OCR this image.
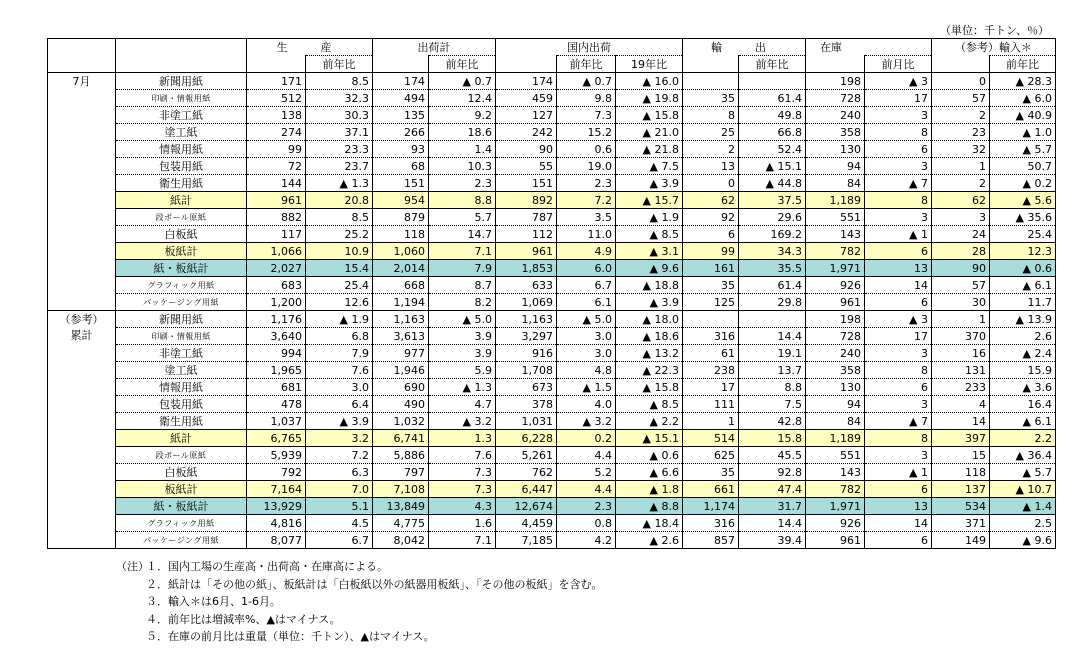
（単位：千トン、％）
		生　産		出荷計		国内出荷			輸　出		在庫		（参考）輸入＊	
			前年比		前年比		前年比	19年比		前年比		前月比		前年比

7月	新聞用紙	171	8.5	174	▲ 0.7	174	▲ 0.7	▲ 16.0			198	▲ 3	0	▲ 28.3
	印刷・情報用紙	512	32.3	494	12.4	459	9.8	▲ 19.8	35	61.4	728	17	57	▲ 6.0
	非塗工紙	138	30.3	135	9.2	127	7.3	▲ 15.8	8	49.8	240	3	2	▲ 40.9
	塗工紙	274	37.1	266	18.6	242	15.2	▲ 21.0	25	66.8	358	8	23	▲ 1.0
	情報用紙	99	23.3	93	1.4	90	0.6	▲ 21.8	2	52.4	130	6	32	▲ 5.7
	包装用紙	72	23.7	68	10.3	55	19.0	▲ 7.5	13	▲ 15.1	94	3	1	50.7
	衛生用紙	144	▲ 1.3	151	2.3	151	2.3	▲ 3.9	0	▲ 44.8	84	▲ 7	2	▲ 0.2
	紙計	961	20.8	954	8.8	892	7.2	▲ 15.7	62	37.5	1,189	8	62	▲ 5.6
	段ボール原紙	882	8.5	879	5.7	787	3.5	▲ 1.9	92	29.6	551	3	3	▲ 35.6
	白板紙	117	25.2	118	14.7	112	11.0	▲ 8.5	6	169.2	143	▲ 1	24	25.4
	板紙計	1,066	10.9	1,060	7.1	961	4.9	▲ 3.1	99	34.3	782	6	28	12.3
	紙・板紙計	2,027	15.4	2,014	7.9	1,853	6.0	▲ 9.6	161	35.5	1,971	13	90	▲ 0.6
	グラフィック用紙	683	25.4	668	8.7	633	6.7	▲ 18.8	35	61.4	926	14	57	▲ 6.1
	パッケージング用紙	1,200	12.6	1,194	8.2	1,069	6.1	▲ 3.9	125	29.8	961	6	30	11.7

（参考）
累計	新聞用紙	1,176	▲ 1.9	1,163	▲ 5.0	1,163	▲ 5.0	▲ 18.0			198	▲ 3	1	▲ 13.9
	印刷・情報用紙	3,640	6.8	3,613	3.9	3,297	3.0	▲ 18.6	316	14.4	728	17	370	2.6
	非塗工紙	994	7.9	977	3.9	916	3.0	▲ 13.2	61	19.1	240	3	16	▲ 2.4
	塗工紙	1,965	7.6	1,946	5.9	1,708	4.8	▲ 22.3	238	13.7	358	8	131	15.9
	情報用紙	681	3.0	690	▲ 1.3	673	▲ 1.5	▲ 15.8	17	8.8	130	6	233	▲ 3.6
	包装用紙	478	6.4	490	4.7	378	4.0	▲ 8.5	111	7.5	94	3	4	16.4
	衛生用紙	1,037	▲ 3.9	1,032	▲ 3.2	1,031	▲ 3.2	▲ 2.2	1	42.8	84	▲ 7	14	▲ 6.1
	紙計	6,765	3.2	6,741	1.3	6,228	0.2	▲ 15.1	514	15.8	1,189	8	397	2.2
	段ボール原紙	5,939	7.2	5,886	7.6	5,261	4.4	▲ 0.6	625	45.5	551	3	15	▲ 36.4
	白板紙	792	6.3	797	7.3	762	5.2	▲ 6.6	35	92.8	143	▲ 1	118	▲ 5.7
	板紙計	7,164	7.0	7,108	7.3	6,447	4.4	▲ 1.8	661	47.4	782	6	137	▲ 10.7
	紙・板紙計	13,929	5.1	13,849	4.3	12,674	2.3	▲ 8.8	1,174	31.7	1,971	13	534	▲ 1.4
	グラフィック用紙	4,816	4.5	4,775	1.6	4,459	0.8	▲ 18.4	316	14.4	926	14	371	2.5
	パッケージング用紙	8,077	6.7	8,042	7.1	7,185	4.2	▲ 2.6	857	39.4	961	6	149	▲ 9.6
（注）
１．国内工場の生産高・出荷高・在庫高による。
２．紙計は「その他の紙」、板紙計は「白板紙以外の紙器用板紙」、「その他の板紙」を含む。
３．輸入＊は6月、1-6月。
４．前年比は増減率%、▲はマイナス。
５．在庫の前月比は重量（単位：千トン）、▲はマイナス。
